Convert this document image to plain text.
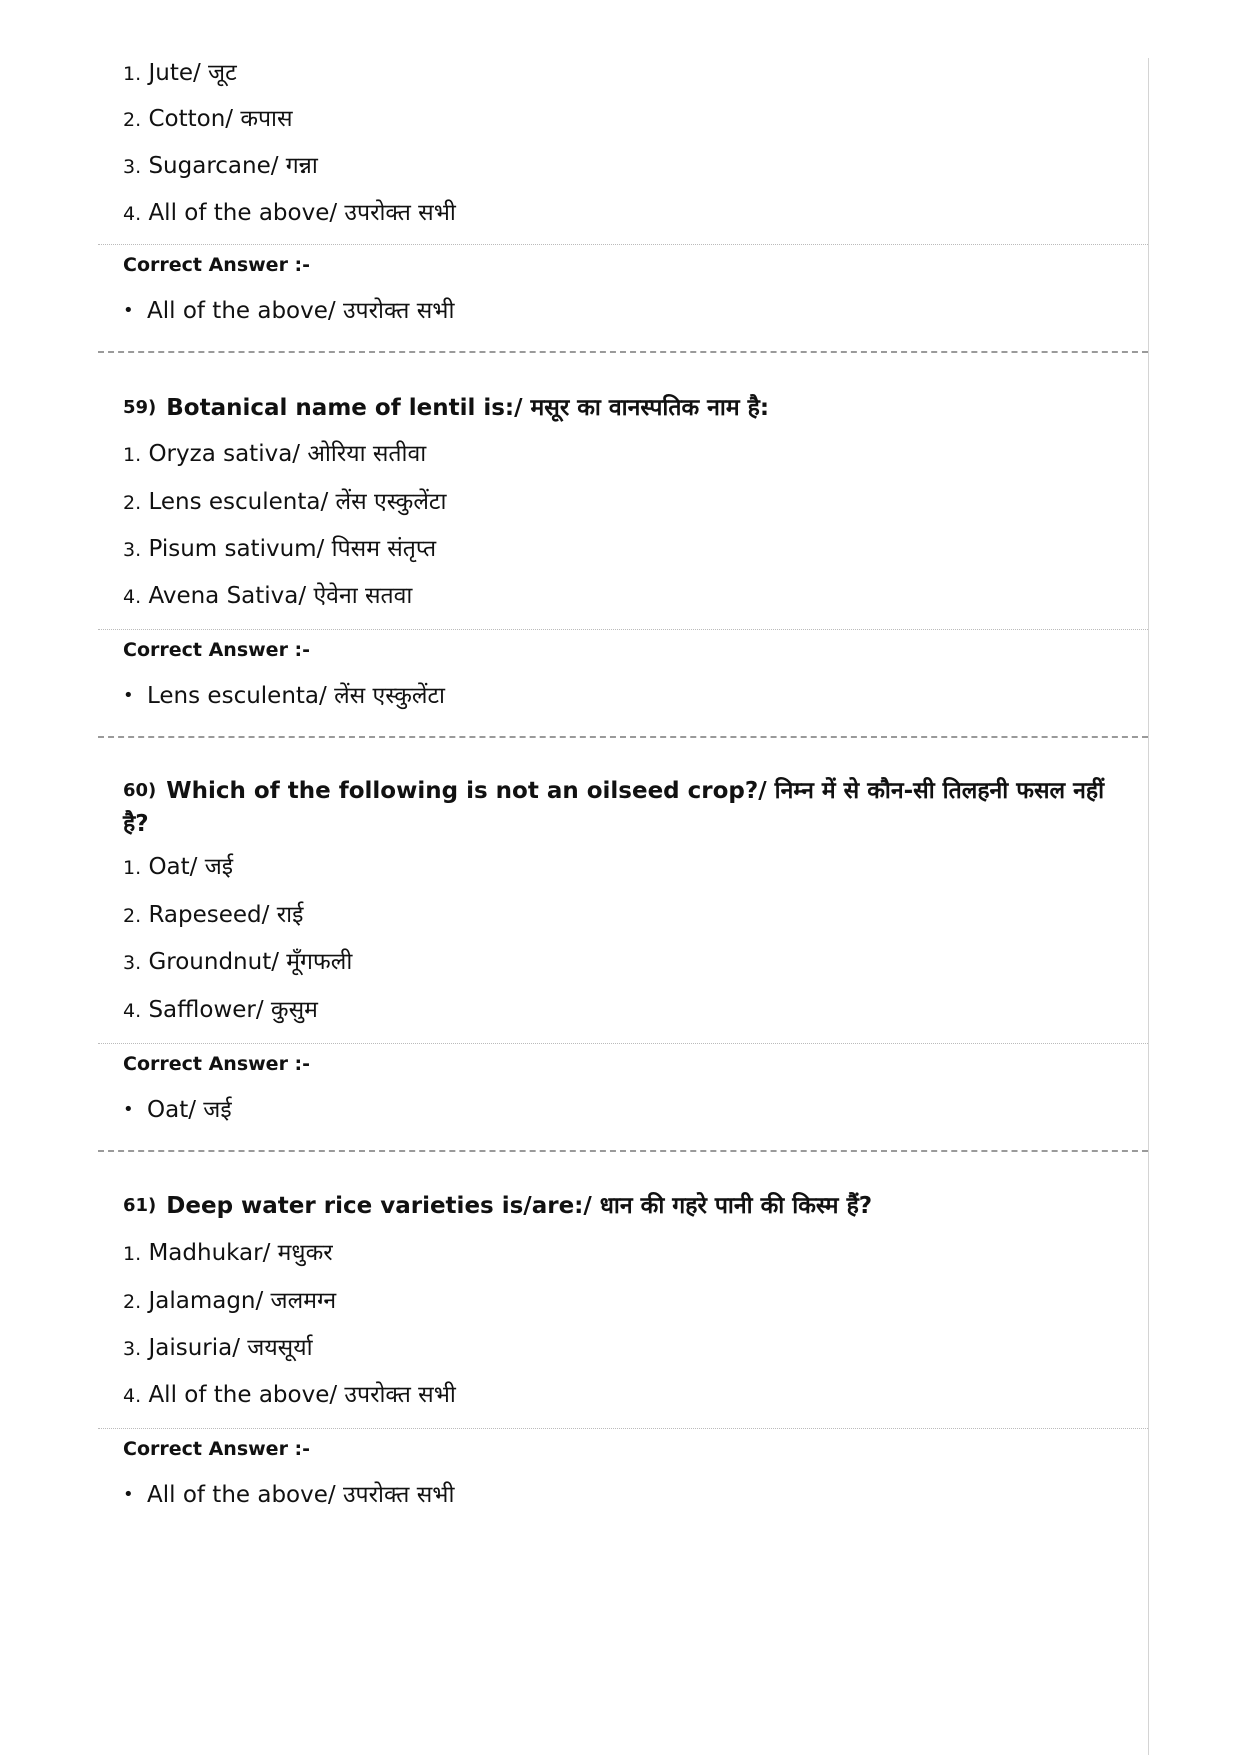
1. Jute/ जूट
2. Cotton/ कपास
3. Sugarcane/ गन्ना
4. All of the above/ उपरोक्त सभी
Correct Answer :-
• All of the above/ उपरोक्त सभी
59) Botanical name of lentil is:/ मसूर का वानस्पतिक नाम है:
1. Oryza sativa/ ओरिया सतीवा
2. Lens esculenta/ लेंस एस्कुलेंटा
3. Pisum sativum/ पिसम संतृप्त
4. Avena Sativa/ ऐवेना सतवा
Correct Answer :-
• Lens esculenta/ लेंस एस्कुलेंटा
60) Which of the following is not an oilseed crop?/ निम्न में से कौन-सी तिलहनी फसल नहीं है?
1. Oat/ जई
2. Rapeseed/ राई
3. Groundnut/ मूँगफली
4. Safflower/ कुसुम
Correct Answer :-
• Oat/ जई
61) Deep water rice varieties is/are:/ धान की गहरे पानी की किस्म हैं?
1. Madhukar/ मधुकर
2. Jalamagn/ जलमग्न
3. Jaisuria/ जयसूर्या
4. All of the above/ उपरोक्त सभी
Correct Answer :-
• All of the above/ उपरोक्त सभी
